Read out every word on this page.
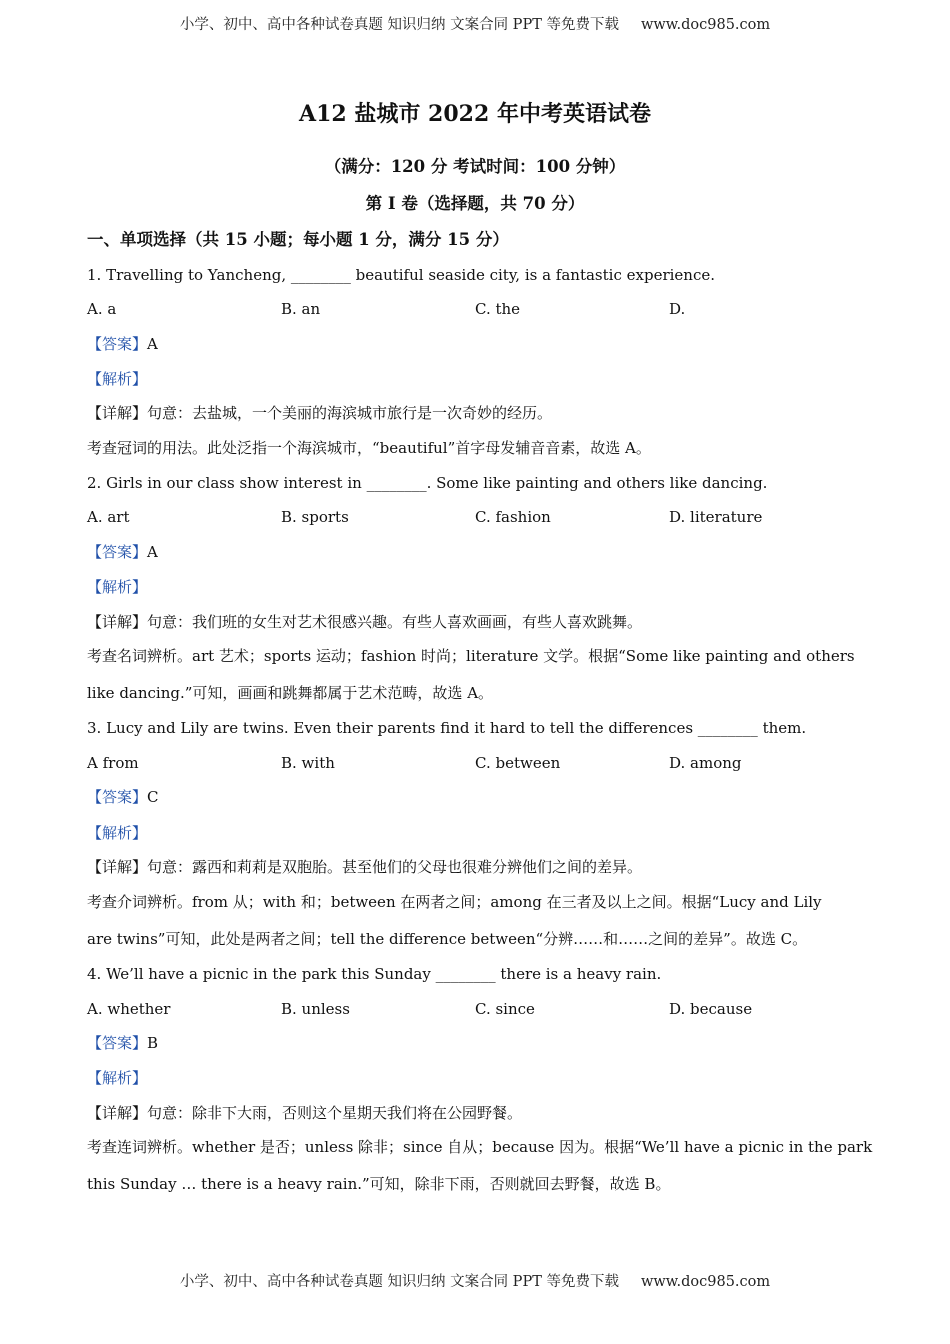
小学、初中、高中各种试卷真题 知识归纳 文案合同 PPT 等免费下载 www.doc985.com
A12 盐城市 2022 年中考英语试卷
（满分：120 分 考试时间：100 分钟）
第 I 卷（选择题，共 70 分）
一、单项选择（共 15 小题；每小题 1 分，满分 15 分）
1. Travelling to Yancheng, ________ beautiful seaside city, is a fantastic experience.
A. a	B. an	C. the	D.
【答案】A
【解析】
【详解】句意：去盐城，一个美丽的海滨城市旅行是一次奇妙的经历。
考查冠词的用法。此处泛指一个海滨城市，“beautiful”首字母发辅音音素，故选 A。
2. Girls in our class show interest in ________. Some like painting and others like dancing.
A. art	B. sports	C. fashion	D. literature
【答案】A
【解析】
【详解】句意：我们班的女生对艺术很感兴趣。有些人喜欢画画，有些人喜欢跳舞。
考查名词辨析。art 艺术；sports 运动；fashion 时尚；literature 文学。根据“Some like painting and others
like dancing.”可知，画画和跳舞都属于艺术范畴，故选 A。
3. Lucy and Lily are twins. Even their parents find it hard to tell the differences ________ them.
A from	B. with	C. between	D. among
【答案】C
【解析】
【详解】句意：露西和莉莉是双胞胎。甚至他们的父母也很难分辨他们之间的差异。
考查介词辨析。from 从；with 和；between 在两者之间；among 在三者及以上之间。根据“Lucy and Lily
are twins”可知，此处是两者之间；tell the difference between“分辨……和……之间的差异”。故选 C。
4. We’ll have a picnic in the park this Sunday ________ there is a heavy rain.
A. whether	B. unless	C. since	D. because
【答案】B
【解析】
【详解】句意：除非下大雨，否则这个星期天我们将在公园野餐。
考查连词辨析。whether 是否；unless 除非；since 自从；because 因为。根据“We’ll have a picnic in the park
this Sunday … there is a heavy rain.”可知，除非下雨，否则就回去野餐，故选 B。
小学、初中、高中各种试卷真题 知识归纳 文案合同 PPT 等免费下载 www.doc985.com
